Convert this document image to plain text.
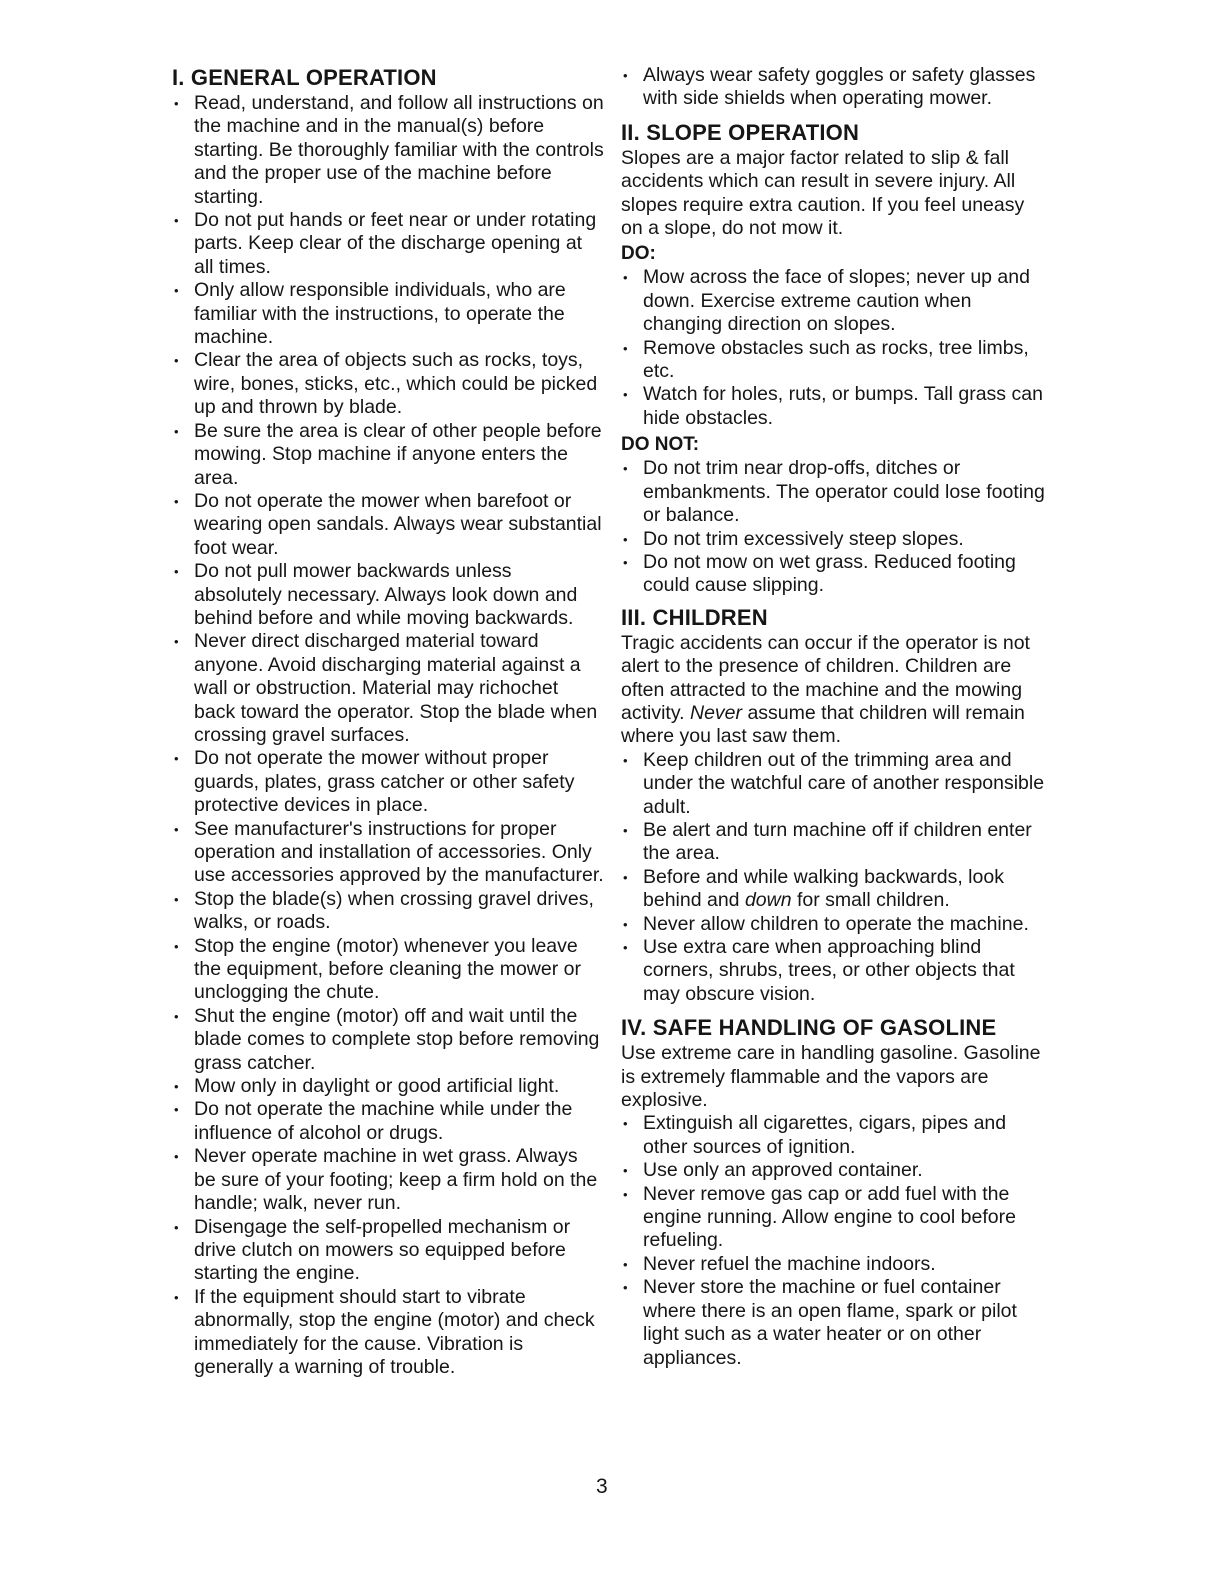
I. GENERAL OPERATION
• Read, understand, and follow all instructions on the machine and in the manual(s) before starting. Be thoroughly familiar with the controls and the proper use of the machine before starting.
• Do not put hands or feet near or under rotating parts. Keep clear of the discharge opening at all times.
• Only allow responsible individuals, who are familiar with the instructions, to operate the machine.
• Clear the area of objects such as rocks, toys, wire, bones, sticks, etc., which could be picked up and thrown by blade.
• Be sure the area is clear of other people before mowing. Stop machine if anyone enters the area.
• Do not operate the mower when barefoot or wearing open sandals. Always wear substantial foot wear.
• Do not pull mower backwards unless absolutely necessary. Always look down and behind before and while moving backwards.
• Never direct discharged material toward anyone. Avoid discharging material against a wall or obstruction. Material may richochet back toward the operator. Stop the blade when crossing gravel surfaces.
• Do not operate the mower without proper guards, plates, grass catcher or other safety protective devices in place.
• See manufacturer's instructions for proper operation and installation of accessories. Only use accessories approved by the manufacturer.
• Stop the blade(s) when crossing gravel drives, walks, or roads.
• Stop the engine (motor) whenever you leave the equipment, before cleaning the mower or unclogging the chute.
• Shut the engine (motor) off and wait until the blade comes to complete stop before removing grass catcher.
• Mow only in daylight or good artificial light.
• Do not operate the machine while under the influence of alcohol or drugs.
• Never operate machine in wet grass. Always be sure of your footing; keep a firm hold on the handle; walk, never run.
• Disengage the self-propelled mechanism or drive clutch on mowers so equipped before starting the engine.
• If the equipment should start to vibrate abnormally, stop the engine (motor) and check immediately for the cause. Vibration is generally a warning of trouble.
• Always wear safety goggles or safety glasses with side shields when operating mower.
II. SLOPE OPERATION

Slopes are a major factor related to slip & fall accidents which can result in severe injury. All slopes require extra caution. If you feel uneasy on a slope, do not mow it.

DO:
• Mow across the face of slopes; never up and down. Exercise extreme caution when changing direction on slopes.
• Remove obstacles such as rocks, tree limbs, etc.
• Watch for holes, ruts, or bumps. Tall grass can hide obstacles.
DO NOT:
• Do not trim near drop-offs, ditches or embankments. The operator could lose footing or balance.
• Do not trim excessively steep slopes.
• Do not mow on wet grass. Reduced footing could cause slipping.
III. CHILDREN

Tragic accidents can occur if the operator is not alert to the presence of children. Children are often attracted to the machine and the mowing activity. Never assume that children will remain where you last saw them.

• Keep children out of the trimming area and under the watchful care of another responsible adult.
• Be alert and turn machine off if children enter the area.
• Before and while walking backwards, look behind and down for small children.
• Never allow children to operate the machine.
• Use extra care when approaching blind corners, shrubs, trees, or other objects that may obscure vision.
IV. SAFE HANDLING OF GASOLINE

Use extreme care in handling gasoline. Gasoline is extremely flammable and the vapors are explosive.

• Extinguish all cigarettes, cigars, pipes and other sources of ignition.
• Use only an approved container.
• Never remove gas cap or add fuel with the engine running. Allow engine to cool before refueling.
• Never refuel the machine indoors.
• Never store the machine or fuel container where there is an open flame, spark or pilot light such as a water heater or on other appliances.
3
